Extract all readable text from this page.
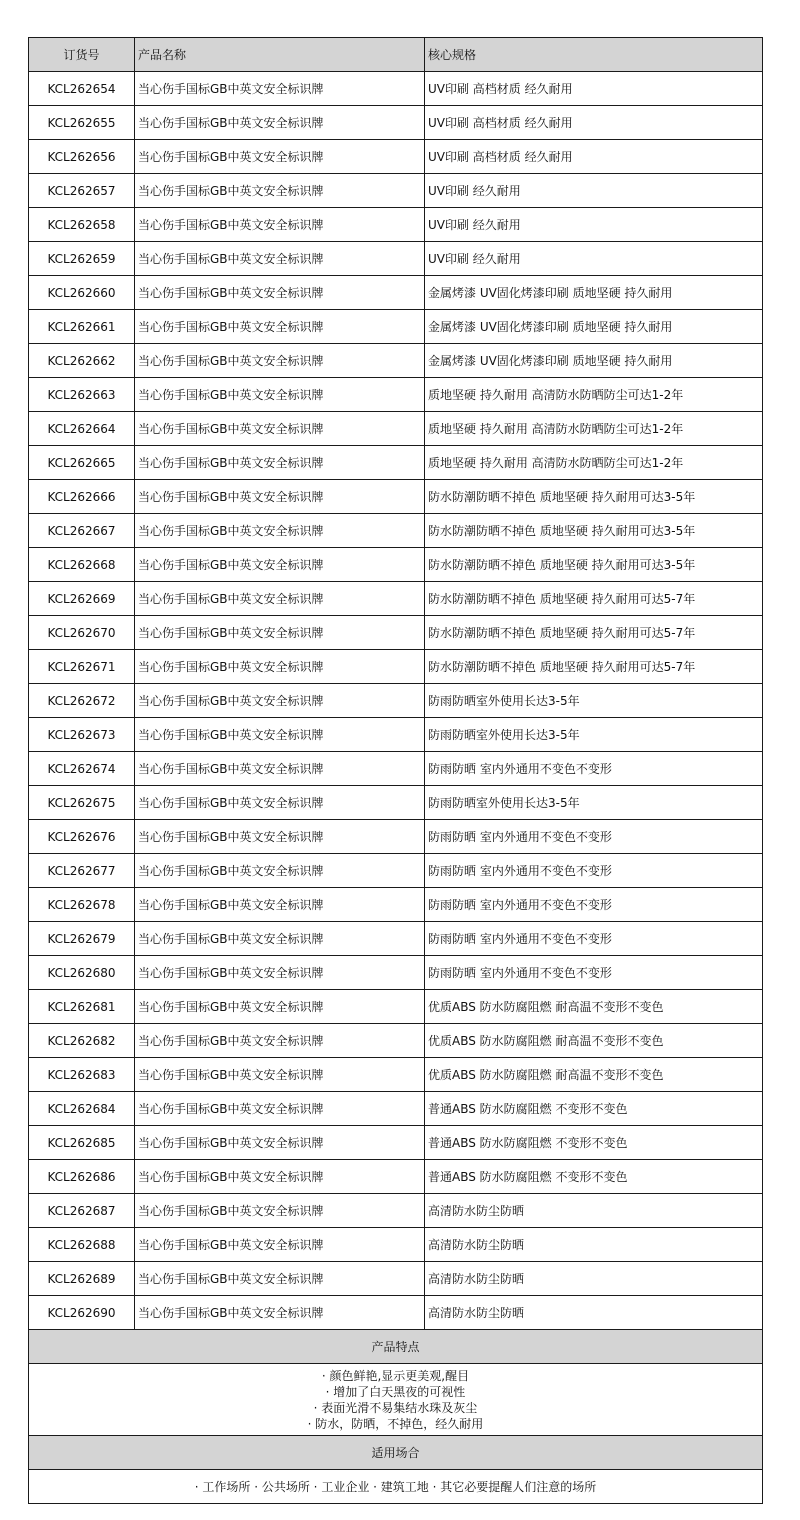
订货号	产品名称	核心规格
KCL262654	当心伤手国标GB中英文安全标识牌	UV印刷 高档材质 经久耐用
KCL262655	当心伤手国标GB中英文安全标识牌	UV印刷 高档材质 经久耐用
KCL262656	当心伤手国标GB中英文安全标识牌	UV印刷 高档材质 经久耐用
KCL262657	当心伤手国标GB中英文安全标识牌	UV印刷 经久耐用
KCL262658	当心伤手国标GB中英文安全标识牌	UV印刷 经久耐用
KCL262659	当心伤手国标GB中英文安全标识牌	UV印刷 经久耐用
KCL262660	当心伤手国标GB中英文安全标识牌	金属烤漆 UV固化烤漆印刷 质地坚硬 持久耐用
KCL262661	当心伤手国标GB中英文安全标识牌	金属烤漆 UV固化烤漆印刷 质地坚硬 持久耐用
KCL262662	当心伤手国标GB中英文安全标识牌	金属烤漆 UV固化烤漆印刷 质地坚硬 持久耐用
KCL262663	当心伤手国标GB中英文安全标识牌	质地坚硬 持久耐用 高清防水防晒防尘可达1-2年
KCL262664	当心伤手国标GB中英文安全标识牌	质地坚硬 持久耐用 高清防水防晒防尘可达1-2年
KCL262665	当心伤手国标GB中英文安全标识牌	质地坚硬 持久耐用 高清防水防晒防尘可达1-2年
KCL262666	当心伤手国标GB中英文安全标识牌	防水防潮防晒不掉色 质地坚硬 持久耐用可达3-5年
KCL262667	当心伤手国标GB中英文安全标识牌	防水防潮防晒不掉色 质地坚硬 持久耐用可达3-5年
KCL262668	当心伤手国标GB中英文安全标识牌	防水防潮防晒不掉色 质地坚硬 持久耐用可达3-5年
KCL262669	当心伤手国标GB中英文安全标识牌	防水防潮防晒不掉色 质地坚硬 持久耐用可达5-7年
KCL262670	当心伤手国标GB中英文安全标识牌	防水防潮防晒不掉色 质地坚硬 持久耐用可达5-7年
KCL262671	当心伤手国标GB中英文安全标识牌	防水防潮防晒不掉色 质地坚硬 持久耐用可达5-7年
KCL262672	当心伤手国标GB中英文安全标识牌	防雨防晒室外使用长达3-5年
KCL262673	当心伤手国标GB中英文安全标识牌	防雨防晒室外使用长达3-5年
KCL262674	当心伤手国标GB中英文安全标识牌	防雨防晒 室内外通用不变色不变形
KCL262675	当心伤手国标GB中英文安全标识牌	防雨防晒室外使用长达3-5年
KCL262676	当心伤手国标GB中英文安全标识牌	防雨防晒 室内外通用不变色不变形
KCL262677	当心伤手国标GB中英文安全标识牌	防雨防晒 室内外通用不变色不变形
KCL262678	当心伤手国标GB中英文安全标识牌	防雨防晒 室内外通用不变色不变形
KCL262679	当心伤手国标GB中英文安全标识牌	防雨防晒 室内外通用不变色不变形
KCL262680	当心伤手国标GB中英文安全标识牌	防雨防晒 室内外通用不变色不变形
KCL262681	当心伤手国标GB中英文安全标识牌	优质ABS 防水防腐阻燃 耐高温不变形不变色
KCL262682	当心伤手国标GB中英文安全标识牌	优质ABS 防水防腐阻燃 耐高温不变形不变色
KCL262683	当心伤手国标GB中英文安全标识牌	优质ABS 防水防腐阻燃 耐高温不变形不变色
KCL262684	当心伤手国标GB中英文安全标识牌	普通ABS 防水防腐阻燃 不变形不变色
KCL262685	当心伤手国标GB中英文安全标识牌	普通ABS 防水防腐阻燃 不变形不变色
KCL262686	当心伤手国标GB中英文安全标识牌	普通ABS 防水防腐阻燃 不变形不变色
KCL262687	当心伤手国标GB中英文安全标识牌	高清防水防尘防晒
KCL262688	当心伤手国标GB中英文安全标识牌	高清防水防尘防晒
KCL262689	当心伤手国标GB中英文安全标识牌	高清防水防尘防晒
KCL262690	当心伤手国标GB中英文安全标识牌	高清防水防尘防晒
产品特点		

· 颜色鲜艳,显示更美观,醒目
· 增加了白天黑夜的可视性
· 表面光滑不易集结水珠及灰尘
· 防水，防晒，不掉色，经久耐用		

适用场合		
· 工作场所 · 公共场所 · 工业企业 · 建筑工地 · 其它必要提醒人们注意的场所		
